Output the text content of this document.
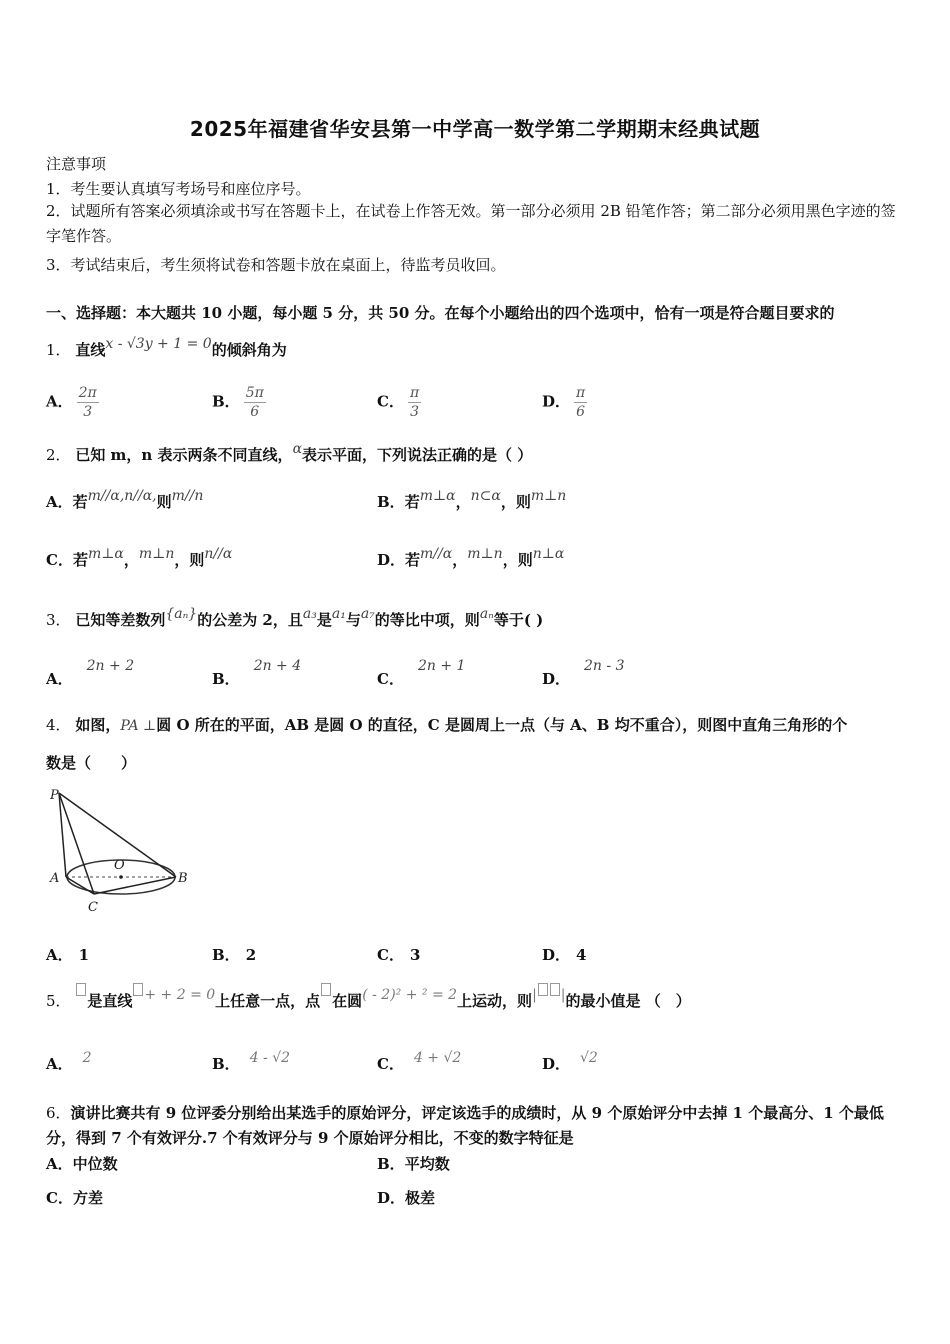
2025年福建省华安县第一中学高一数学第二学期期末经典试题
注意事项
1．考生要认真填写考场号和座位序号。
2．试题所有答案必须填涂或书写在答题卡上，在试卷上作答无效。第一部分必须用 2B 铅笔作答；第二部分必须用黑色字迹的签字笔作答。
3．考试结束后，考生须将试卷和答题卡放在桌面上，待监考员收回。
一、选择题：本大题共 10 小题，每小题 5 分，共 50 分。在每个小题给出的四个选项中，恰有一项是符合题目要求的
1． 直线x - √3y + 1 = 0的倾斜角为
A． $\frac{2\pi}{3}$	B． $\frac{5\pi}{6}$	C． $\frac{\pi}{3}$	D． $\frac{\pi}{6}$
2． 已知 m，n 表示两条不同直线，α表示平面，下列说法正确的是（ ）
A．若m//α,n//α,则m//n	B．若m⊥α，n⊂α，则m⊥n
C．若m⊥α，m⊥n，则n//α	D．若m//α，m⊥n，则n⊥α
3． 已知等差数列{aₙ}的公差为 2，且a₃是a₁与a₇的等比中项，则aₙ等于( )
A．2n + 2
B．2n + 4
C．2n + 1
D．2n - 3
4． 如图，PA ⊥圆 O 所在的平面，AB 是圆 O 的直径，C 是圆周上一点（与 A、B 均不重合），则图中直角三角形的个
数是（　　）
P
O
A	B
C
A． 1	B． 2	C． 3	D． 4
5． 是直线 + + 2 = 0上任意一点，点 在圆( - 2)² + ² = 2上运动，则| |的最小值是 （　）
A． 2	B． 4 - √2	C． 4 + √2	D． √2
6．演讲比赛共有 9 位评委分别给出某选手的原始评分，评定该选手的成绩时，从 9 个原始评分中去掉 1 个最高分、1 个最低分，得到 7 个有效评分.7 个有效评分与 9 个原始评分相比，不变的数字特征是
A．中位数	B．平均数
C．方差	D．极差
